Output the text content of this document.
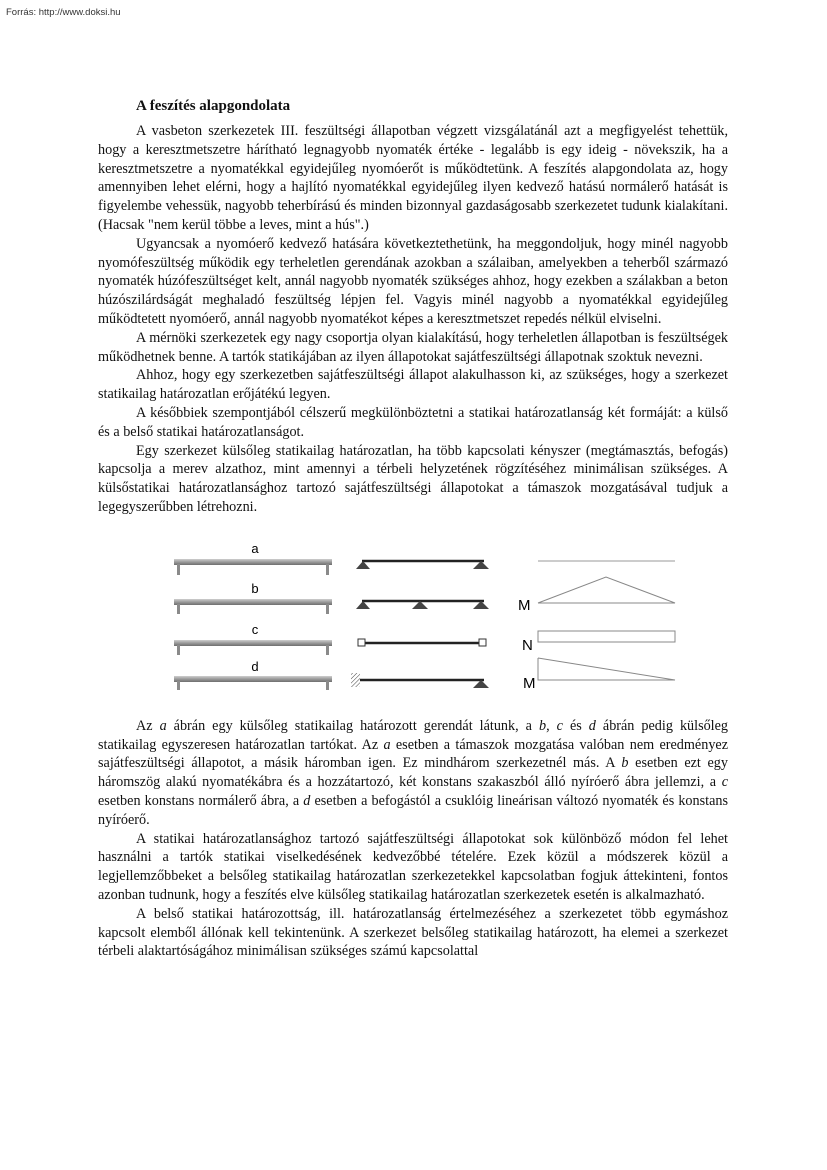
Forrás: http://www.doksi.hu
A feszítés alapgondolata

A vasbeton szerkezetek III. feszültségi állapotban végzett vizsgálatánál azt a megfigyelést tehettük, hogy a keresztmetszetre hárítható legnagyobb nyomaték értéke - legalább is egy ideig - növekszik, ha a keresztmetszetre a nyomatékkal egyidejűleg nyomóerőt is működtetünk. A feszítés alapgondolata az, hogy amennyiben lehet elérni, hogy a hajlító nyomatékkal egyidejűleg ilyen kedvező hatású normálerő hatását is figyelembe vehessük, nagyobb teherbírású és minden bizonnyal gazdaságosabb szerkezetet tudunk kialakítani. (Hacsak "nem kerül többe a leves, mint a hús".)

Ugyancsak a nyomóerő kedvező hatására következtethetünk, ha meggondoljuk, hogy minél nagyobb nyomófeszültség működik egy terheletlen gerendának azokban a szálaiban, amelyekben a teherből származó nyomaték húzófeszültséget kelt, annál nagyobb nyomaték szükséges ahhoz, hogy ezekben a szálakban a beton húzószilárdságát meghaladó feszültség lépjen fel. Vagyis minél nagyobb a nyomatékkal egyidejűleg működtetett nyomóerő, annál nagyobb nyomatékot képes a keresztmetszet repedés nélkül elviselni.

A mérnöki szerkezetek egy nagy csoportja olyan kialakítású, hogy terheletlen állapotban is feszültségek működhetnek benne. A tartók statikájában az ilyen állapotokat sajátfeszültségi állapotnak szoktuk nevezni.

Ahhoz, hogy egy szerkezetben sajátfeszültségi állapot alakulhasson ki, az szükséges, hogy a szerkezet statikailag határozatlan erőjátékú legyen.

A későbbiek szempontjából célszerű megkülönböztetni a statikai határozatlanság két formáját: a külső és a belső statikai határozatlanságot.

Egy szerkezet külsőleg statikailag határozatlan, ha több kapcsolati kényszer (megtámasztás, befogás) kapcsolja a merev alzathoz, mint amennyi a térbeli helyzetének rögzítéséhez minimálisan szükséges. A külsőstatikai határozatlansághoz tartozó sajátfeszültségi állapotokat a támaszok mozgatásával tudjuk a legegyszerűbben létrehozni.

a
b
c
d
M
N
M

Az a ábrán egy külsőleg statikailag határozott gerendát látunk, a b, c és d ábrán pedig külsőleg statikailag egyszeresen határozatlan tartókat. Az a esetben a támaszok mozgatása valóban nem eredményez sajátfeszültségi állapotot, a másik háromban igen. Ez mindhárom szerkezetnél más. A b esetben ezt egy háromszög alakú nyomatékábra és a hozzátartozó, két konstans szakaszból álló nyíróerő ábra jellemzi, a c esetben konstans normálerő ábra, a d esetben a befogástól a csuklóig lineárisan változó nyomaték és konstans nyíróerő.

A statikai határozatlansághoz tartozó sajátfeszültségi állapotokat sok különböző módon fel lehet használni a tartók statikai viselkedésének kedvezőbbé tételére. Ezek közül a módszerek közül a legjellemzőbbeket a belsőleg statikailag határozatlan szerkezetekkel kapcsolatban fogjuk áttekinteni, fontos azonban tudnunk, hogy a feszítés elve külsőleg statikailag határozatlan szerkezetek esetén is alkalmazható.

A belső statikai határozottság, ill. határozatlanság értelmezéséhez a szerkezetet több egymáshoz kapcsolt elemből állónak kell tekintenünk. A szerkezet belsőleg statikailag határozott, ha elemei a szerkezet térbeli alaktartóságához minimálisan szükséges számú kapcsolattal
